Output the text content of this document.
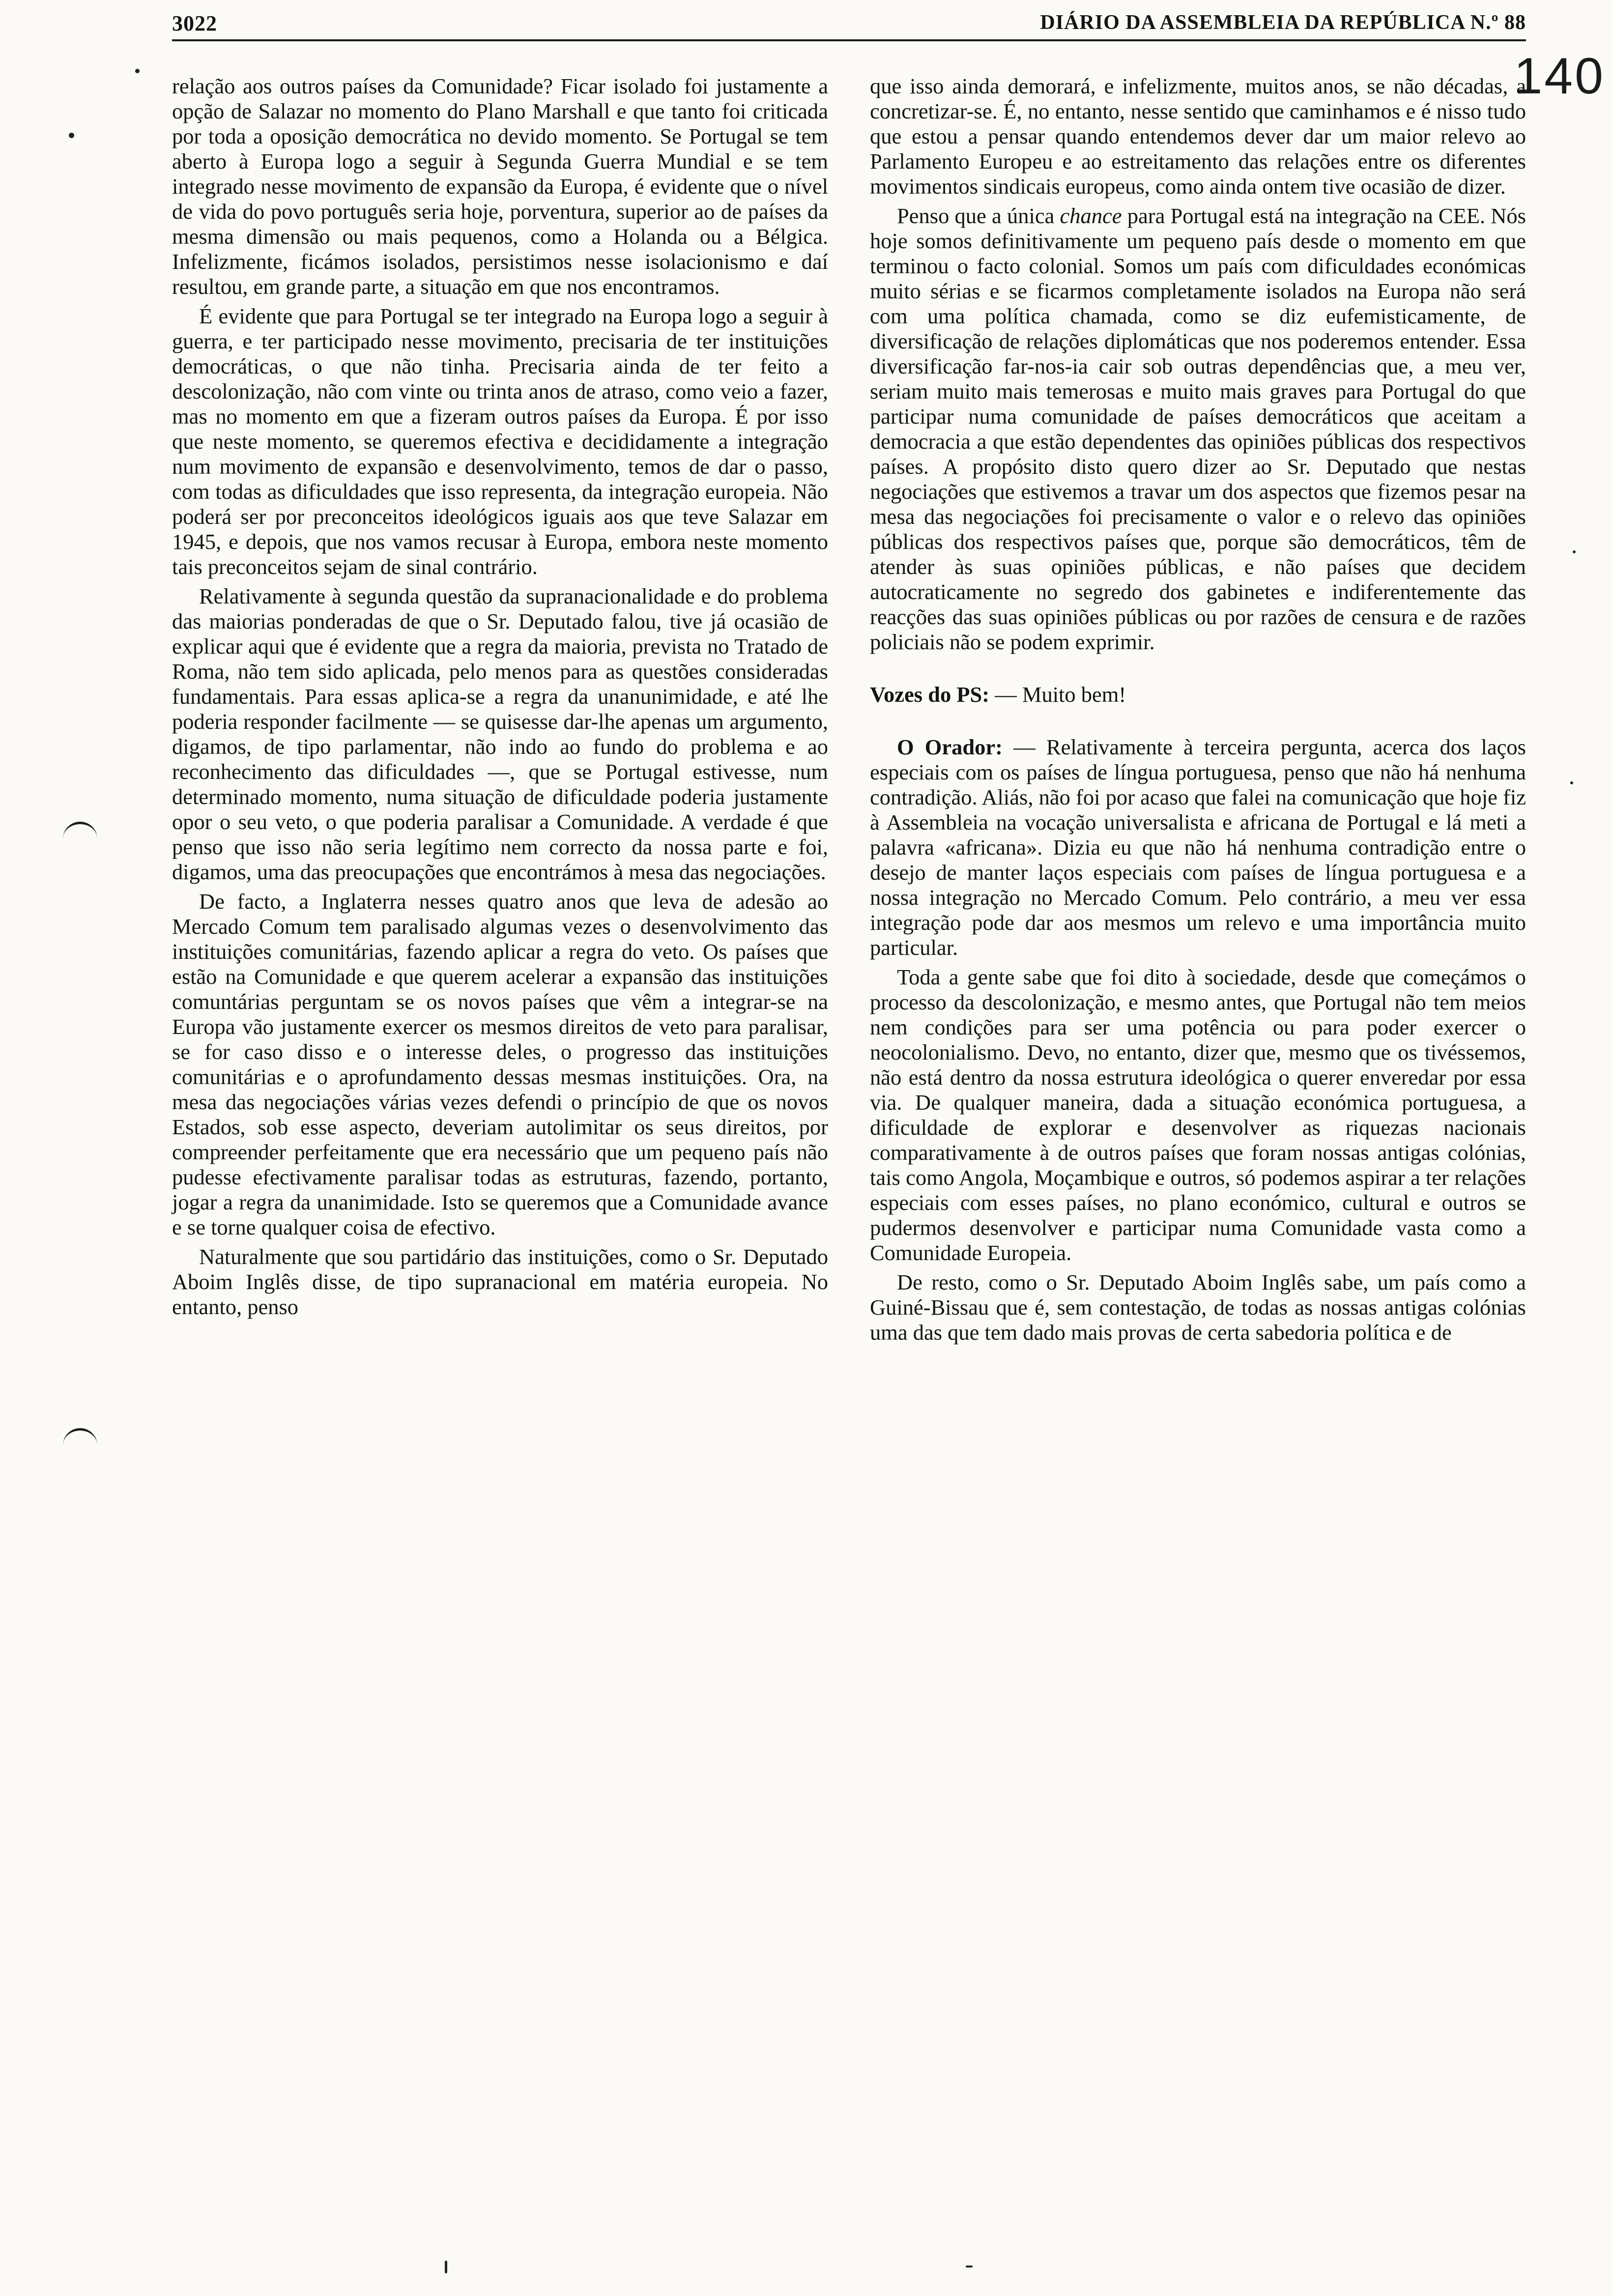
3022	DIÁRIO DA ASSEMBLEIA DA REPÚBLICA N.º 88
140

relação aos outros países da Comunidade? Ficar isolado foi justamente a opção de Salazar no momento do Plano Marshall e que tanto foi criticada por toda a oposição democrática no devido momento. Se Portugal se tem aberto à Europa logo a seguir à Segunda Guerra Mundial e se tem integrado nesse movimento de expansão da Europa, é evidente que o nível de vida do povo português seria hoje, porventura, superior ao de países da mesma dimensão ou mais pequenos, como a Holanda ou a Bélgica. Infelizmente, ficámos isolados, persistimos nesse isolacionismo e daí resultou, em grande parte, a situação em que nos encontramos.

É evidente que para Portugal se ter integrado na Europa logo a seguir à guerra, e ter participado nesse movimento, precisaria de ter instituições democráticas, o que não tinha. Precisaria ainda de ter feito a descolonização, não com vinte ou trinta anos de atraso, como veio a fazer, mas no momento em que a fizeram outros países da Europa. É por isso que neste momento, se queremos efectiva e decididamente a integração num movimento de expansão e desenvolvimento, temos de dar o passo, com todas as dificuldades que isso representa, da integração europeia. Não poderá ser por preconceitos ideológicos iguais aos que teve Salazar em 1945, e depois, que nos vamos recusar à Europa, embora neste momento tais preconceitos sejam de sinal contrário.

Relativamente à segunda questão da supranacionalidade e do problema das maiorias ponderadas de que o Sr. Deputado falou, tive já ocasião de explicar aqui que é evidente que a regra da maioria, prevista no Tratado de Roma, não tem sido aplicada, pelo menos para as questões consideradas fundamentais. Para essas aplica-se a regra da unanunimidade, e até lhe poderia responder facilmente — se quisesse dar-lhe apenas um argumento, digamos, de tipo parlamentar, não indo ao fundo do problema e ao reconhecimento das dificuldades —, que se Portugal estivesse, num determinado momento, numa situação de dificuldade poderia justamente opor o seu veto, o que poderia paralisar a Comunidade. A verdade é que penso que isso não seria legítimo nem correcto da nossa parte e foi, digamos, uma das preocupações que encontrámos à mesa das negociações.

De facto, a Inglaterra nesses quatro anos que leva de adesão ao Mercado Comum tem paralisado algumas vezes o desenvolvimento das instituições comunitárias, fazendo aplicar a regra do veto. Os países que estão na Comunidade e que querem acelerar a expansão das instituições comuntárias perguntam se os novos países que vêm a integrar-se na Europa vão justamente exercer os mesmos direitos de veto para paralisar, se for caso disso e o interesse deles, o progresso das instituições comunitárias e o aprofundamento dessas mesmas instituições. Ora, na mesa das negociações várias vezes defendi o princípio de que os novos Estados, sob esse aspecto, deveriam autolimitar os seus direitos, por compreender perfeitamente que era necessário que um pequeno país não pudesse efectivamente paralisar todas as estruturas, fazendo, portanto, jogar a regra da unanimidade. Isto se queremos que a Comunidade avance e se torne qualquer coisa de efectivo.

Naturalmente que sou partidário das instituições, como o Sr. Deputado Aboim Inglês disse, de tipo supranacional em matéria europeia. No entanto, penso

que isso ainda demorará, e infelizmente, muitos anos, se não décadas, a concretizar-se. É, no entanto, nesse sentido que caminhamos e é nisso tudo que estou a pensar quando entendemos dever dar um maior relevo ao Parlamento Europeu e ao estreitamento das relações entre os diferentes movimentos sindicais europeus, como ainda ontem tive ocasião de dizer.

Penso que a única chance para Portugal está na integração na CEE. Nós hoje somos definitivamente um pequeno país desde o momento em que terminou o facto colonial. Somos um país com dificuldades económicas muito sérias e se ficarmos completamente isolados na Europa não será com uma política chamada, como se diz eufemisticamente, de diversificação de relações diplomáticas que nos poderemos entender. Essa diversificação far-nos-ia cair sob outras dependências que, a meu ver, seriam muito mais temerosas e muito mais graves para Portugal do que participar numa comunidade de países democráticos que aceitam a democracia a que estão dependentes das opiniões públicas dos respectivos países. A propósito disto quero dizer ao Sr. Deputado que nestas negociações que estivemos a travar um dos aspectos que fizemos pesar na mesa das negociações foi precisamente o valor e o relevo das opiniões públicas dos respectivos países que, porque são democráticos, têm de atender às suas opiniões públicas, e não países que decidem autocraticamente no segredo dos gabinetes e indiferentemente das reacções das suas opiniões públicas ou por razões de censura e de razões policiais não se podem exprimir.

Vozes do PS: — Muito bem!

O Orador: — Relativamente à terceira pergunta, acerca dos laços especiais com os países de língua portuguesa, penso que não há nenhuma contradição. Aliás, não foi por acaso que falei na comunicação que hoje fiz à Assembleia na vocação universalista e africana de Portugal e lá meti a palavra «africana». Dizia eu que não há nenhuma contradição entre o desejo de manter laços especiais com países de língua portuguesa e a nossa integração no Mercado Comum. Pelo contrário, a meu ver essa integração pode dar aos mesmos um relevo e uma importância muito particular.

Toda a gente sabe que foi dito à sociedade, desde que começámos o processo da descolonização, e mesmo antes, que Portugal não tem meios nem condições para ser uma potência ou para poder exercer o neocolonialismo. Devo, no entanto, dizer que, mesmo que os tivéssemos, não está dentro da nossa estrutura ideológica o querer enveredar por essa via. De qualquer maneira, dada a situação económica portuguesa, a dificuldade de explorar e desenvolver as riquezas nacionais comparativamente à de outros países que foram nossas antigas colónias, tais como Angola, Moçambique e outros, só podemos aspirar a ter relações especiais com esses países, no plano económico, cultural e outros se pudermos desenvolver e participar numa Comunidade vasta como a Comunidade Europeia.

De resto, como o Sr. Deputado Aboim Inglês sabe, um país como a Guiné-Bissau que é, sem contestação, de todas as nossas antigas colónias uma das que tem dado mais provas de certa sabedoria política e de
